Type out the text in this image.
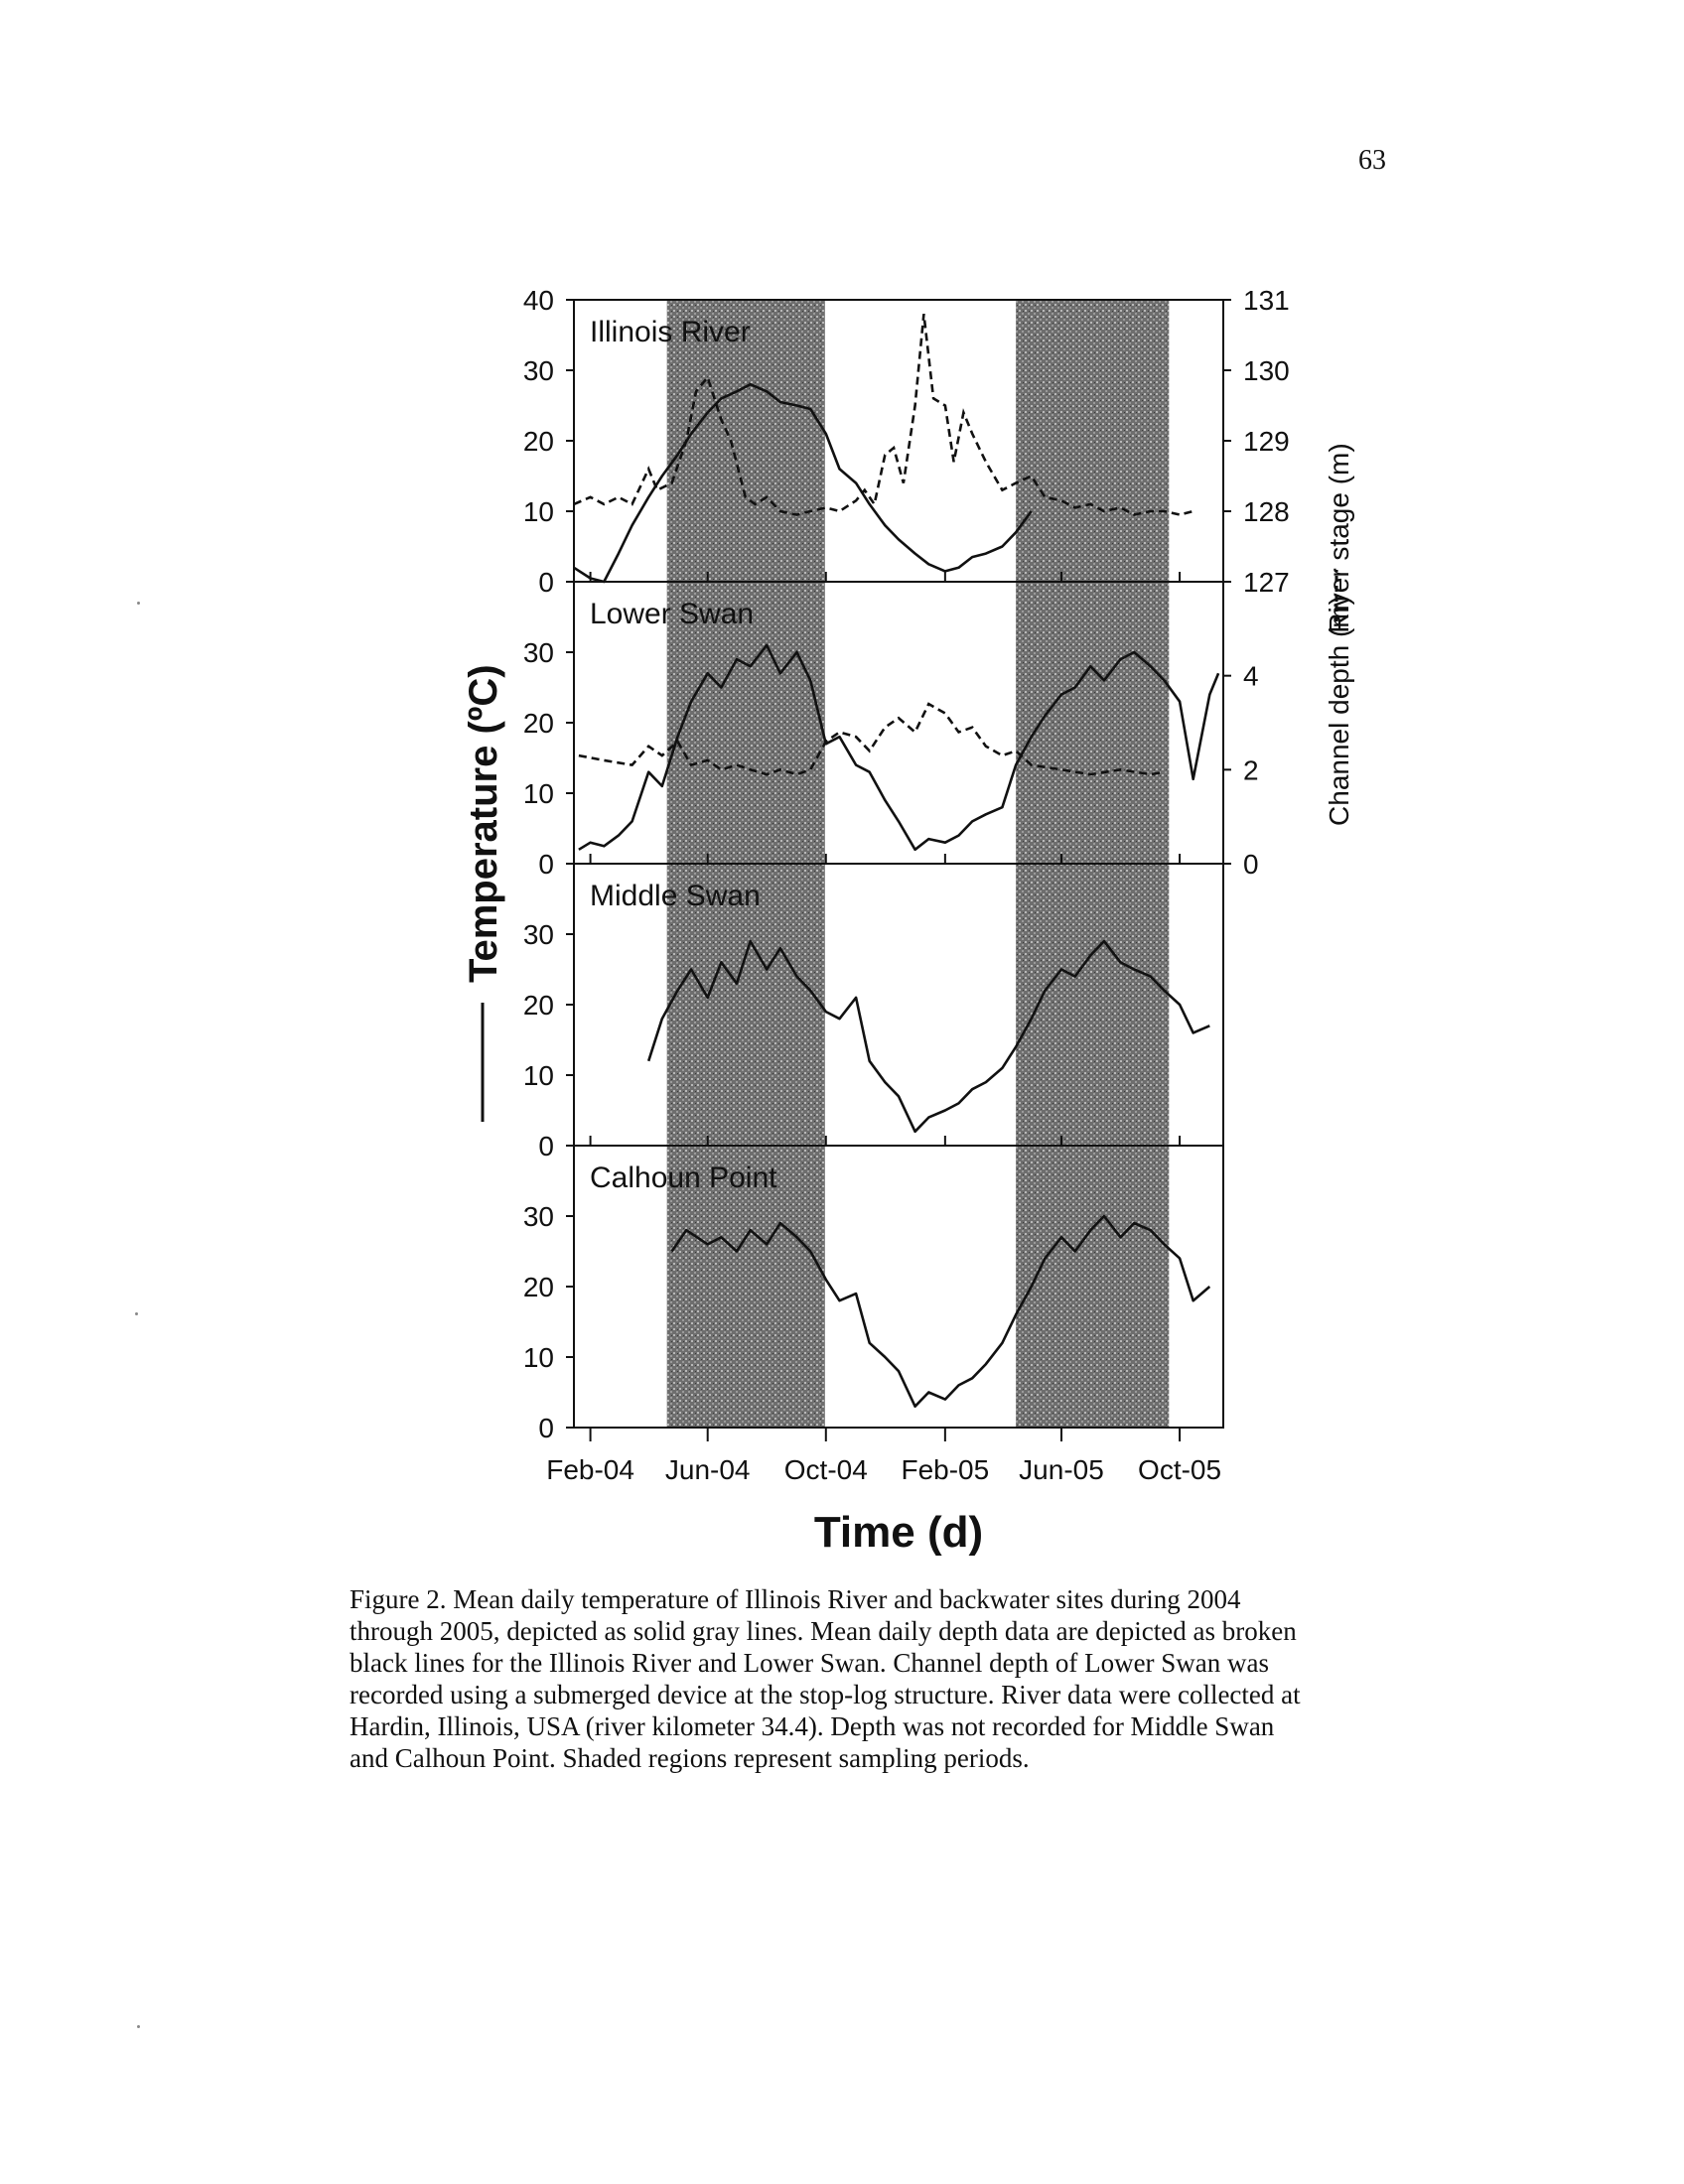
63
0
10
20
30
40
Illinois River
127
128
129
130
131
0
10
20
30
Lower Swan
0
2
4
0
10
20
30
Middle Swan
0
10
20
30
Calhoun Point
Feb-04 Jun-04 Oct-04 Feb-05 Jun-05 Oct-05
Time (d)
Temperature (ºC)
River stage (m)
Channel depth (m)
Figure 2. Mean daily temperature of Illinois River and backwater sites during 2004
through 2005, depicted as solid gray lines. Mean daily depth data are depicted as broken
black lines for the Illinois River and Lower Swan. Channel depth of Lower Swan was
recorded using a submerged device at the stop-log structure. River data were collected at
Hardin, Illinois, USA (river kilometer 34.4). Depth was not recorded for Middle Swan
and Calhoun Point. Shaded regions represent sampling periods.
